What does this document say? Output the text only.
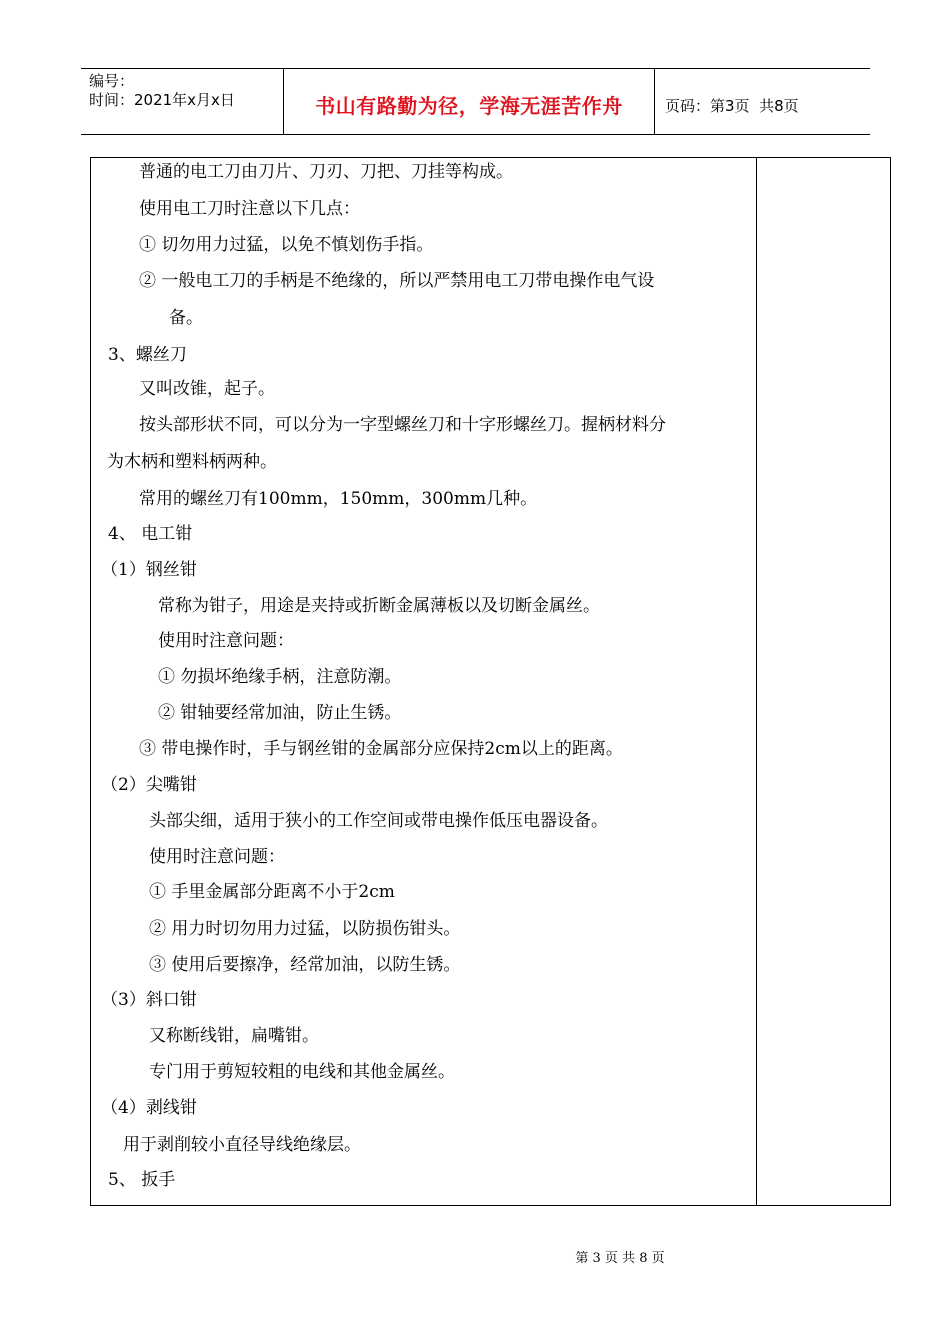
编号：
时间：2021年x月x日	书山有路勤为径，学海无涯苦作舟	页码：第3页  共8页
普通的电工刀由刀片、刀刃、刀把、刀挂等构成。
使用电工刀时注意以下几点：
① 切勿用力过猛，以免不慎划伤手指。
② 一般电工刀的手柄是不绝缘的，所以严禁用电工刀带电操作电气设
备。
3、螺丝刀
又叫改锥，起子。
按头部形状不同，可以分为一字型螺丝刀和十字形螺丝刀。握柄材料分
为木柄和塑料柄两种。
常用的螺丝刀有100mm，150mm，300mm几种。
4、 电工钳
（1）钢丝钳
常称为钳子，用途是夹持或折断金属薄板以及切断金属丝。
使用时注意问题：
① 勿损坏绝缘手柄，注意防潮。
② 钳轴要经常加油，防止生锈。
③ 带电操作时，手与钢丝钳的金属部分应保持2cm以上的距离。
（2）尖嘴钳
头部尖细，适用于狭小的工作空间或带电操作低压电器设备。
使用时注意问题：
① 手里金属部分距离不小于2cm
② 用力时切勿用力过猛，以防损伤钳头。
③ 使用后要擦净，经常加油，以防生锈。
（3）斜口钳
又称断线钳，扁嘴钳。
专门用于剪短较粗的电线和其他金属丝。
（4）剥线钳
用于剥削较小直径导线绝缘层。
5、 扳手
第 3 页 共 8 页
